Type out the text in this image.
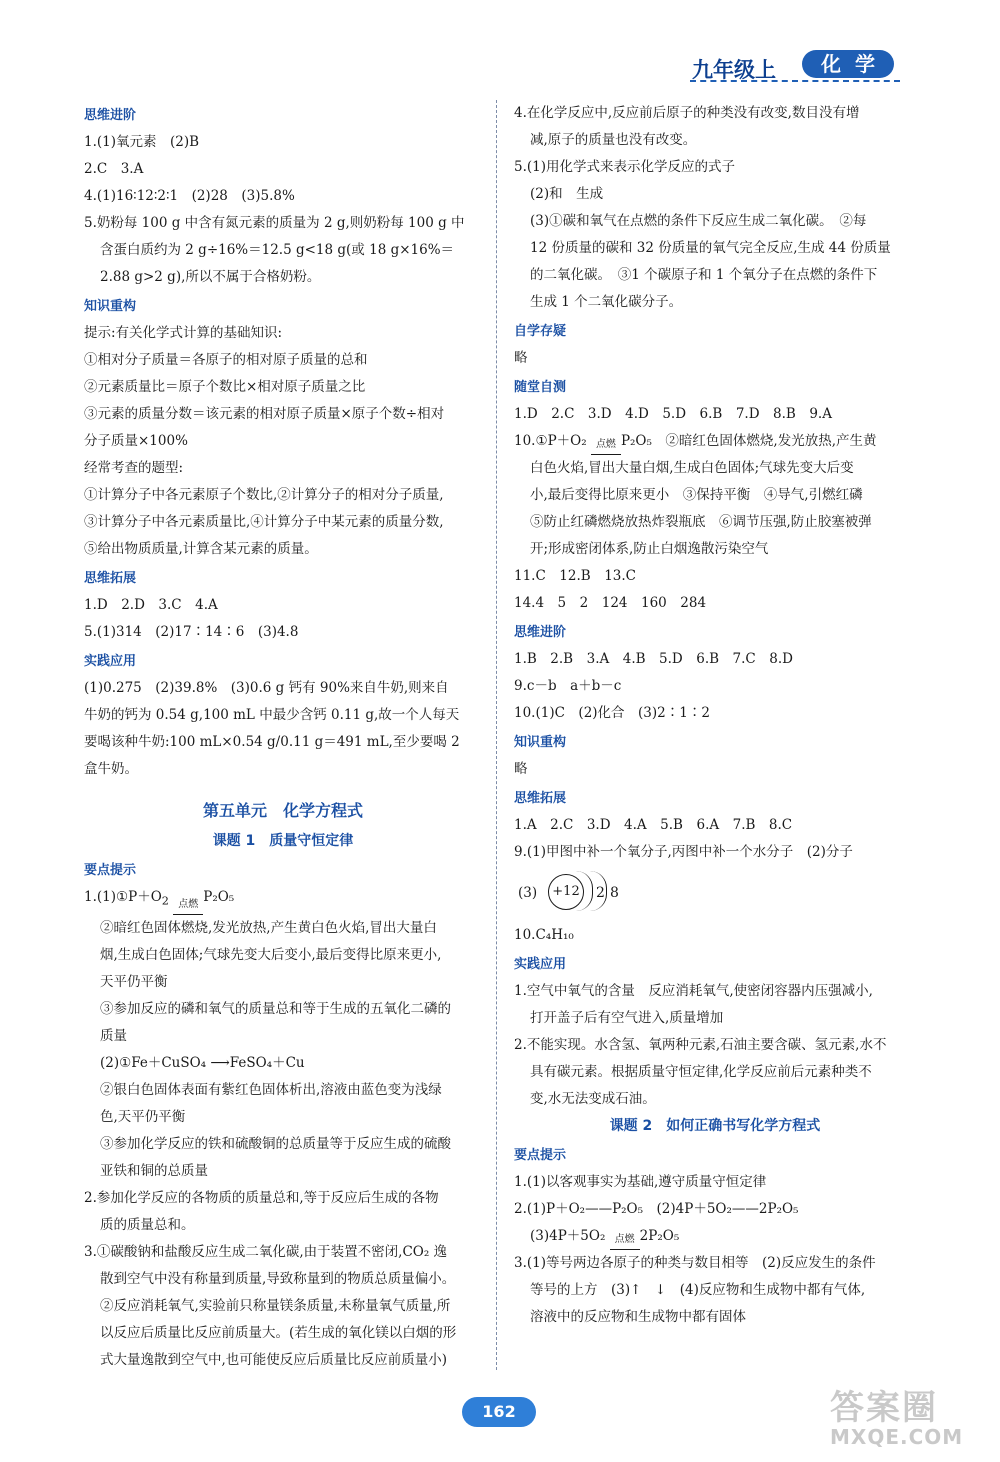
九年级上	化学
思维进阶
1.(1)氧元素　(2)B
2.C　3.A
4.(1)16∶12∶2∶1　(2)28　(3)5.8%
5.奶粉每 100 g 中含有氮元素的质量为 2 g,则奶粉每 100 g 中
含蛋白质约为 2 g÷16%＝12.5 g<18 g(或 18 g×16%＝
2.88 g>2 g),所以不属于合格奶粉。
知识重构
提示:有关化学式计算的基础知识:
①相对分子质量＝各原子的相对原子质量的总和
②元素质量比＝原子个数比×相对原子质量之比
③元素的质量分数＝该元素的相对原子质量×原子个数÷相对
分子质量×100%
经常考查的题型:
①计算分子中各元素原子个数比,②计算分子的相对分子质量,
③计算分子中各元素质量比,④计算分子中某元素的质量分数,
⑤给出物质质量,计算含某元素的质量。
思维拓展
1.D　2.D　3.C　4.A
5.(1)314　(2)17∶14∶6　(3)4.8
实践应用
(1)0.275　(2)39.8%　(3)0.6 g 钙有 90%来自牛奶,则来自
牛奶的钙为 0.54 g,100 mL 中最少含钙 0.11 g,故一个人每天
要喝该种牛奶:100 mL×0.54 g/0.11 g＝491 mL,至少要喝 2
盒牛奶。
第五单元　化学方程式
课题 1　质量守恒定律
要点提示
$1.(1)①P+O_2$ 点燃 P₂O₅
②暗红色固体燃烧,发光放热,产生黄白色火焰,冒出大量白
烟,生成白色固体;气球先变大后变小,最后变得比原来更小,
天平仍平衡
③参加反应的磷和氧气的质量总和等于生成的五氧化二磷的
质量
(2)①Fe＋CuSO₄ ⟶FeSO₄＋Cu
②银白色固体表面有紫红色固体析出,溶液由蓝色变为浅绿
色,天平仍平衡
③参加化学反应的铁和硫酸铜的总质量等于反应生成的硫酸
亚铁和铜的总质量
2.参加化学反应的各物质的质量总和,等于反应后生成的各物
质的质量总和。
3.①碳酸钠和盐酸反应生成二氧化碳,由于装置不密闭,CO₂ 逸
散到空气中没有称量到质量,导致称量到的物质总质量偏小。
②反应消耗氧气,实验前只称量镁条质量,未称量氧气质量,所
以反应后质量比反应前质量大。(若生成的氧化镁以白烟的形
式大量逸散到空气中,也可能使反应后质量比反应前质量小)
4.在化学反应中,反应前后原子的种类没有改变,数目没有增
减,原子的质量也没有改变。
5.(1)用化学式来表示化学反应的式子
(2)和　生成
(3)①碳和氧气在点燃的条件下反应生成二氧化碳。　②每
12 份质量的碳和 32 份质量的氧气完全反应,生成 44 份质量
的二氧化碳。　③1 个碳原子和 1 个氧分子在点燃的条件下
生成 1 个二氧化碳分子。
自学存疑
略
随堂自测
1.D　2.C　3.D　4.D　5.D　6.B　7.D　8.B　9.A
10.①P＋O₂ 点燃 P₂O₅　②暗红色固体燃烧,发光放热,产生黄
白色火焰,冒出大量白烟,生成白色固体;气球先变大后变
小,最后变得比原来更小　③保持平衡　④导气,引燃红磷
⑤防止红磷燃烧放热炸裂瓶底　⑥调节压强,防止胶塞被弹
开;形成密闭体系,防止白烟逸散污染空气
11.C　12.B　13.C
14.4　5　2　124　160　284
思维进阶
1.B　2.B　3.A　4.B　5.D　6.B　7.C　8.D
9.c－b　a＋b－c
10.(1)C　(2)化合　(3)2∶1∶2
知识重构
略
思维拓展
1.A　2.C　3.D　4.A　5.B　6.A　7.B　8.C
9.(1)甲图中补一个氧分子,丙图中补一个水分子　(2)分子
(3)	+12	2 8
10.C₄H₁₀
实践应用
1.空气中氧气的含量　反应消耗氧气,使密闭容器内压强减小,
打开盖子后有空气进入,质量增加
2.不能实现。水含氢、氧两种元素,石油主要含碳、氢元素,水不
具有碳元素。根据质量守恒定律,化学反应前后元素种类不
变,水无法变成石油。
课题 2　如何正确书写化学方程式
要点提示
1.(1)以客观事实为基础,遵守质量守恒定律
2.(1)P＋O₂——P₂O₅　(2)4P＋5O₂——2P₂O₅
(3)4P＋5O₂ 点燃 2P₂O₅
3.(1)等号两边各原子的种类与数目相等　(2)反应发生的条件
等号的上方　(3)↑　↓　(4)反应物和生成物中都有气体,
溶液中的反应物和生成物中都有固体
162	答案圈
MXQE.COM
